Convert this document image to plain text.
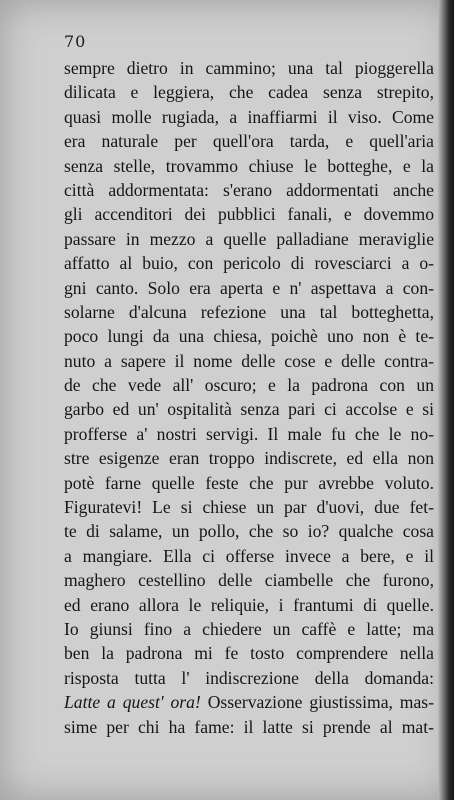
70
sempre dietro in cammino; una tal pioggerella
dilicata e leggiera, che cadea senza strepito,
quasi molle rugiada, a inaffiarmi il viso. Come
era naturale per quell'ora tarda, e quell'aria
senza stelle, trovammo chiuse le botteghe, e la
città addormentata: s'erano addormentati anche
gli accenditori dei pubblici fanali, e dovemmo
passare in mezzo a quelle palladiane meraviglie
affatto al buio, con pericolo di rovesciarci a o-
gni canto. Solo era aperta e n' aspettava a con-
solarne d'alcuna refezione una tal botteghetta,
poco lungi da una chiesa, poichè uno non è te-
nuto a sapere il nome delle cose e delle contra-
de che vede all' oscuro; e la padrona con un
garbo ed un' ospitalità senza pari ci accolse e si
profferse a' nostri servigi. Il male fu che le no-
stre esigenze eran troppo indiscrete, ed ella non
potè farne quelle feste che pur avrebbe voluto.
Figuratevi! Le si chiese un par d'uovi, due fet-
te di salame, un pollo, che so io? qualche cosa
a mangiare. Ella ci offerse invece a bere, e il
maghero cestellino delle ciambelle che furono,
ed erano allora le reliquie, i frantumi di quelle.
Io giunsi fino a chiedere un caffè e latte; ma
ben la padrona mi fe tosto comprendere nella
risposta tutta l' indiscrezione della domanda:
Latte a quest' ora! Osservazione giustissima, mas-
sime per chi ha fame: il latte si prende al mat-
